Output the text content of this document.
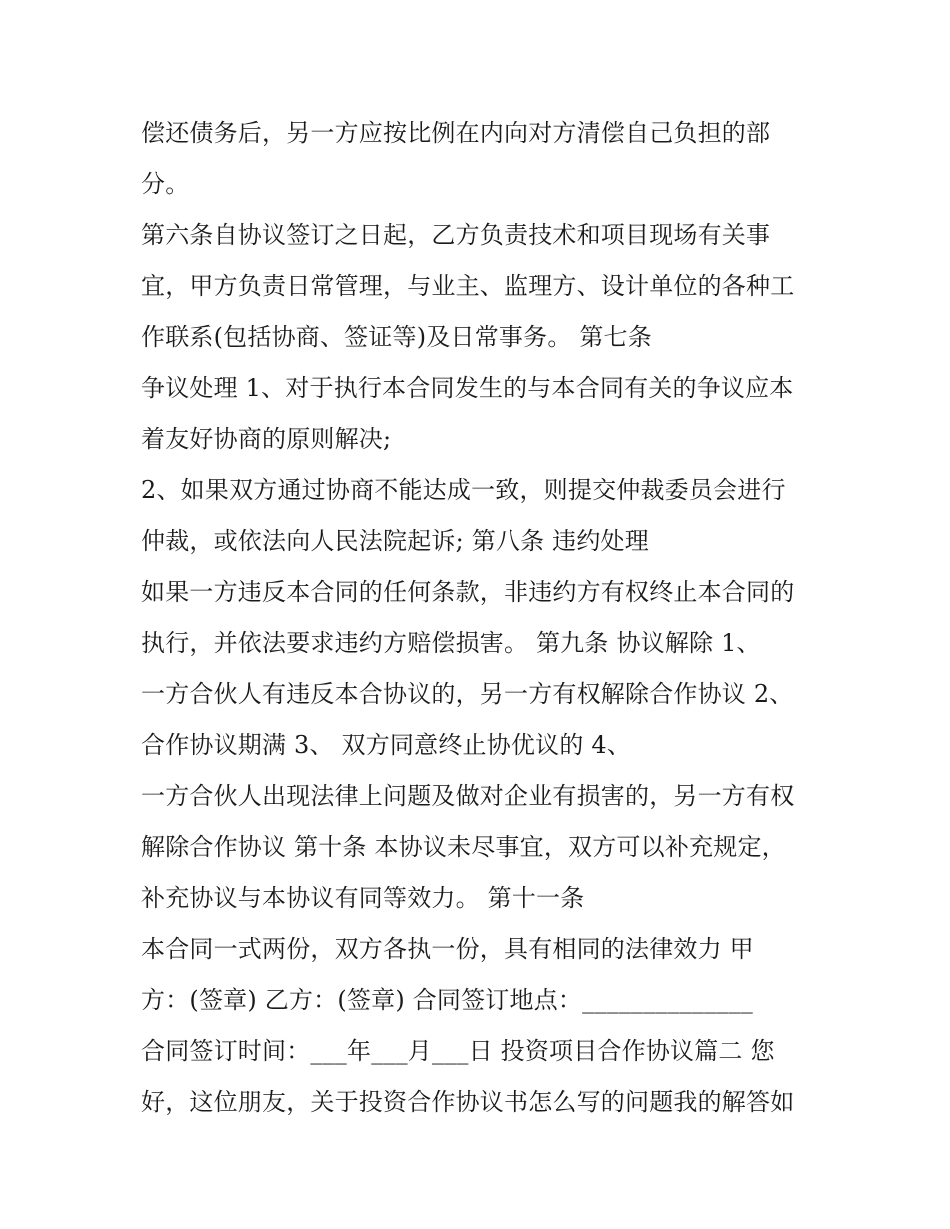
偿还债务后，另一方应按比例在内向对方清偿自己负担的部
分。
第六条自协议签订之日起，乙方负责技术和项目现场有关事
宜，甲方负责日常管理，与业主、监理方、设计单位的各种工
作联系(包括协商、签证等)及日常事务。 第七条
争议处理 1、对于执行本合同发生的与本合同有关的争议应本
着友好协商的原则解决;
2、如果双方通过协商不能达成一致，则提交仲裁委员会进行
仲裁，或依法向人民法院起诉; 第八条 违约处理
如果一方违反本合同的任何条款，非违约方有权终止本合同的
执行，并依法要求违约方赔偿损害。 第九条 协议解除 1、
一方合伙人有违反本合协议的，另一方有权解除合作协议 2、
合作协议期满 3、 双方同意终止协优议的 4、
一方合伙人出现法律上问题及做对企业有损害的，另一方有权
解除合作协议 第十条 本协议未尽事宜，双方可以补充规定，
补充协议与本协议有同等效力。 第十一条
本合同一式两份，双方各执一份，具有相同的法律效力 甲
方：(签章) 乙方：(签章) 合同签订地点：______________
合同签订时间：___年___月___日 投资项目合作协议篇二 您
好，这位朋友，关于投资合作协议书怎么写的问题我的解答如
